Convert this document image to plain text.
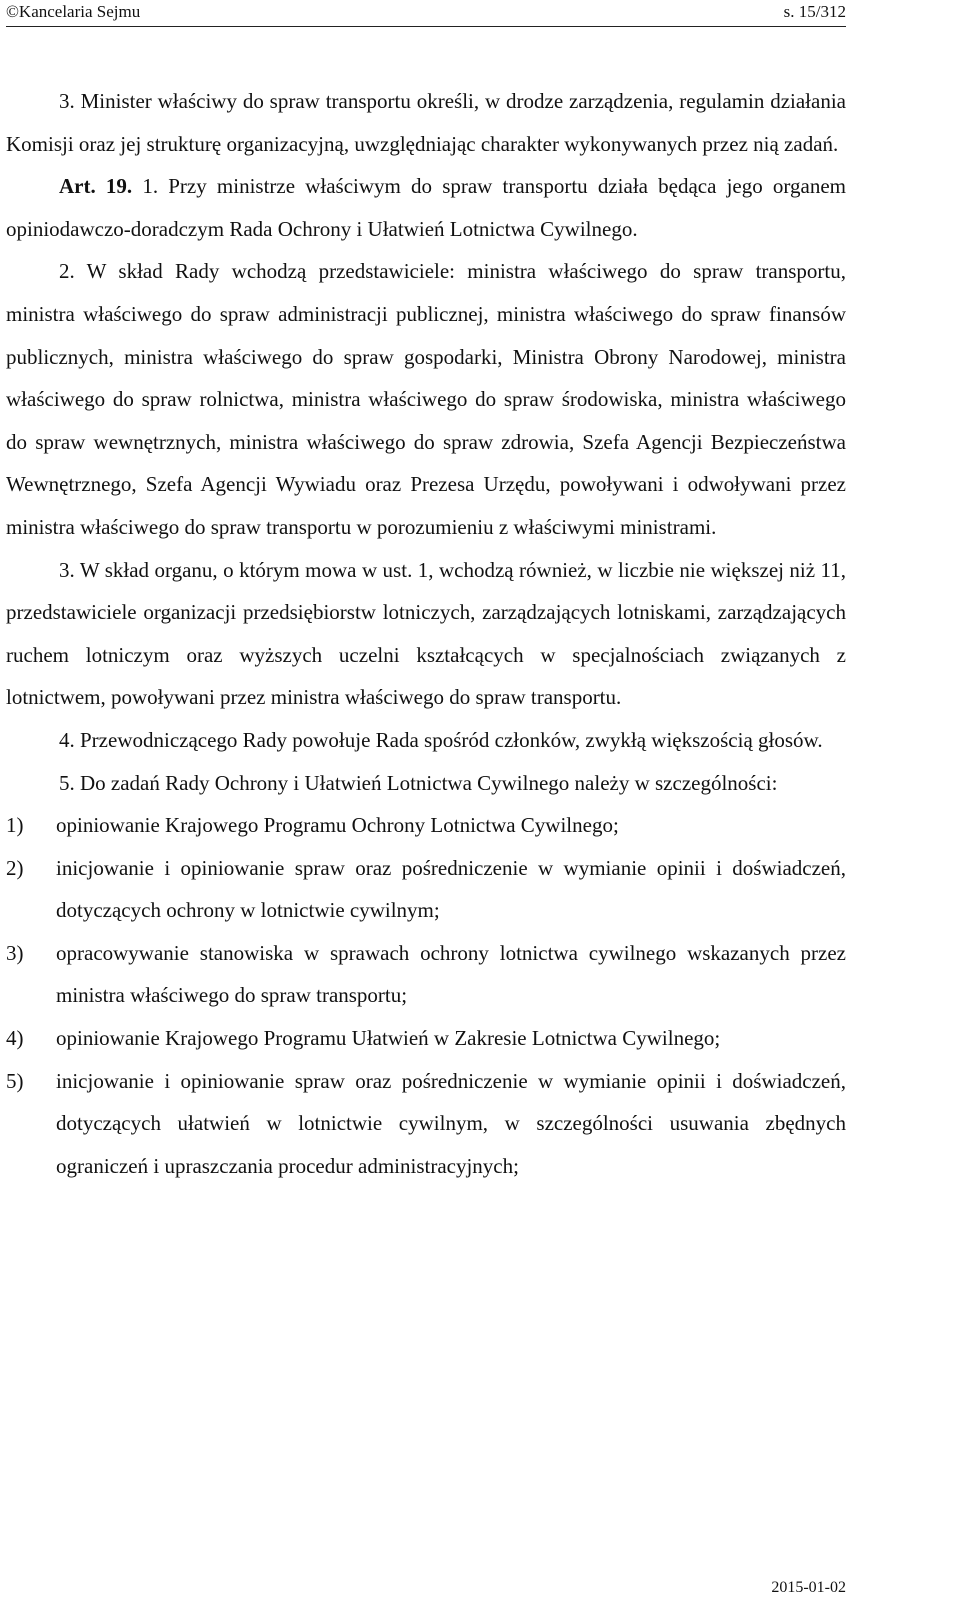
©Kancelaria Sejmu	s. 15/312

3. Minister właściwy do spraw transportu określi, w drodze zarządzenia, regulamin działania Komisji oraz jej strukturę organizacyjną, uwzględniając charakter wykonywanych przez nią zadań.

Art. 19. 1. Przy ministrze właściwym do spraw transportu działa będąca jego organem opiniodawczo-doradczym Rada Ochrony i Ułatwień Lotnictwa Cywilnego.

2. W skład Rady wchodzą przedstawiciele: ministra właściwego do spraw transportu, ministra właściwego do spraw administracji publicznej, ministra właściwego do spraw finansów publicznych, ministra właściwego do spraw gospodarki, Ministra Obrony Narodowej, ministra właściwego do spraw rolnictwa, ministra właściwego do spraw środowiska, ministra właściwego do spraw wewnętrznych, ministra właściwego do spraw zdrowia, Szefa Agencji Bezpieczeństwa Wewnętrznego, Szefa Agencji Wywiadu oraz Prezesa Urzędu, powoływani i odwoływani przez ministra właściwego do spraw transportu w porozumieniu z właściwymi ministrami.

3. W skład organu, o którym mowa w ust. 1, wchodzą również, w liczbie nie większej niż 11, przedstawiciele organizacji przedsiębiorstw lotniczych, zarządzających lotniskami, zarządzających ruchem lotniczym oraz wyższych uczelni kształcących w specjalnościach związanych z lotnictwem, powoływani przez ministra właściwego do spraw transportu.

4. Przewodniczącego Rady powołuje Rada spośród członków, zwykłą większością głosów.

5. Do zadań Rady Ochrony i Ułatwień Lotnictwa Cywilnego należy w szczególności:

1) opiniowanie Krajowego Programu Ochrony Lotnictwa Cywilnego;
2) inicjowanie i opiniowanie spraw oraz pośredniczenie w wymianie opinii i doświadczeń, dotyczących ochrony w lotnictwie cywilnym;
3) opracowywanie stanowiska w sprawach ochrony lotnictwa cywilnego wskazanych przez ministra właściwego do spraw transportu;
4) opiniowanie Krajowego Programu Ułatwień w Zakresie Lotnictwa Cywilnego;
5) inicjowanie i opiniowanie spraw oraz pośredniczenie w wymianie opinii i doświadczeń, dotyczących ułatwień w lotnictwie cywilnym, w szczególności usuwania zbędnych ograniczeń i upraszczania procedur administracyjnych;
2015-01-02
